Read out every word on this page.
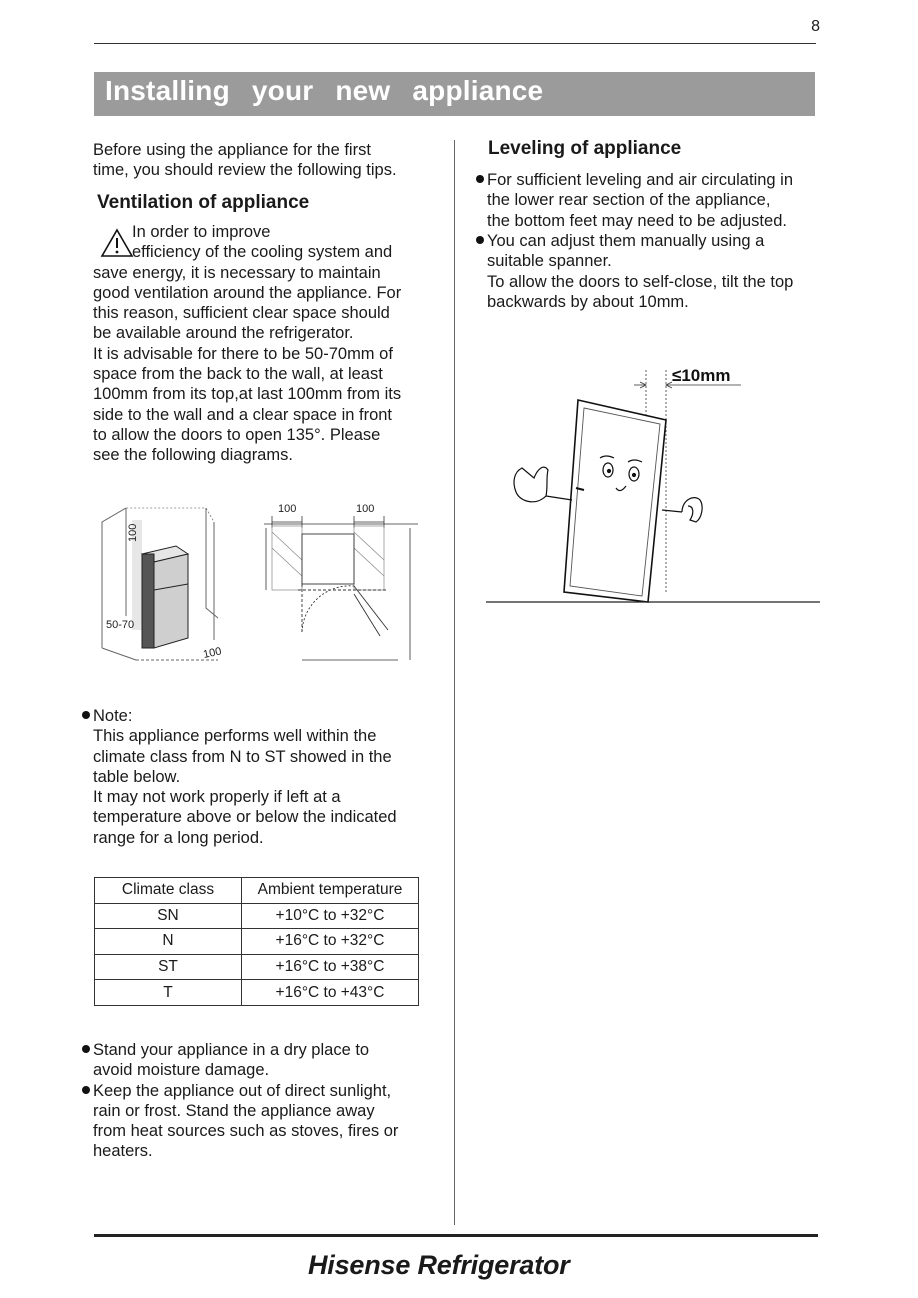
8
Installing your new appliance
Before using the appliance for the first
time, you should review the following tips.
Ventilation of appliance
In order to improve
efficiency of the cooling system and
save energy, it is necessary to maintain
good ventilation around the appliance. For
this reason, sufficient clear space should
be available around the refrigerator.
It is advisable for there to be 50-70mm of
space from the back to the wall, at least
100mm from its top,at last 100mm from its
side to the wall and a clear space in front
to allow the doors to open 135°. Please
see the following diagrams.
100
50-70
100
100	100
Note:
This appliance performs well within the
climate class from N to ST showed in the
table below.
It may not work properly if left at a
temperature above or below the indicated
range for a long period.
Climate class	Ambient temperature
SN	+10°C to +32°C
N	+16°C to +32°C
ST	+16°C to +38°C
T	+16°C to +43°C
Stand your appliance in a dry place to
avoid moisture damage.
Keep the appliance out of direct sunlight,
rain or frost. Stand the appliance away
from heat sources such as stoves, fires or
heaters.
Leveling of appliance
For sufficient leveling and air circulating in
the lower rear section of the appliance,
the bottom feet may need to be adjusted.
You can adjust them manually using a
suitable spanner.
To allow the doors to self-close, tilt the top
backwards by about 10mm.
≤10mm
Hisense Refrigerator
